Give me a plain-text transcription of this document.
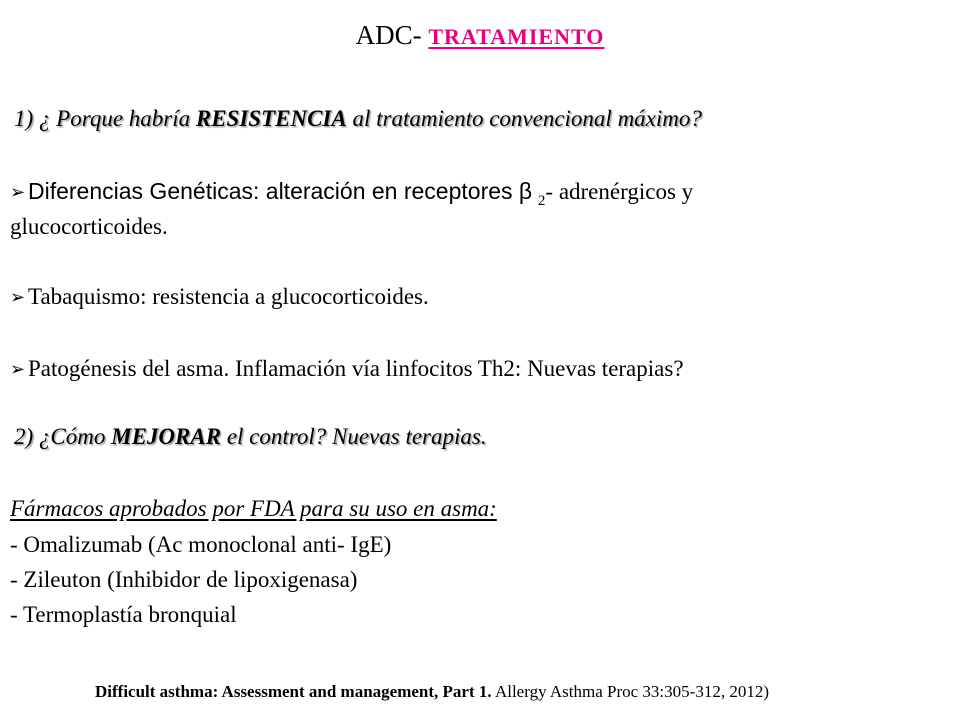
ADC- TRATAMIENTO
1) ¿ Porque habría RESISTENCIA al tratamiento convencional máximo?
➢ Diferencias Genéticas: alteración en receptores β $_2$- adrenérgicos y
glucocorticoides.
➢ Tabaquismo: resistencia a glucocorticoides.
➢ Patogénesis del asma. Inflamación vía linfocitos Th2: Nuevas terapias?
2) ¿Cómo MEJORAR el control? Nuevas terapias.
Fármacos aprobados por FDA para su uso en asma:
- Omalizumab (Ac monoclonal anti- IgE)
- Zileuton (Inhibidor de lipoxigenasa)
- Termoplastía bronquial
Difficult asthma: Assessment and management, Part 1. Allergy Asthma Proc 33:305-312, 2012)
